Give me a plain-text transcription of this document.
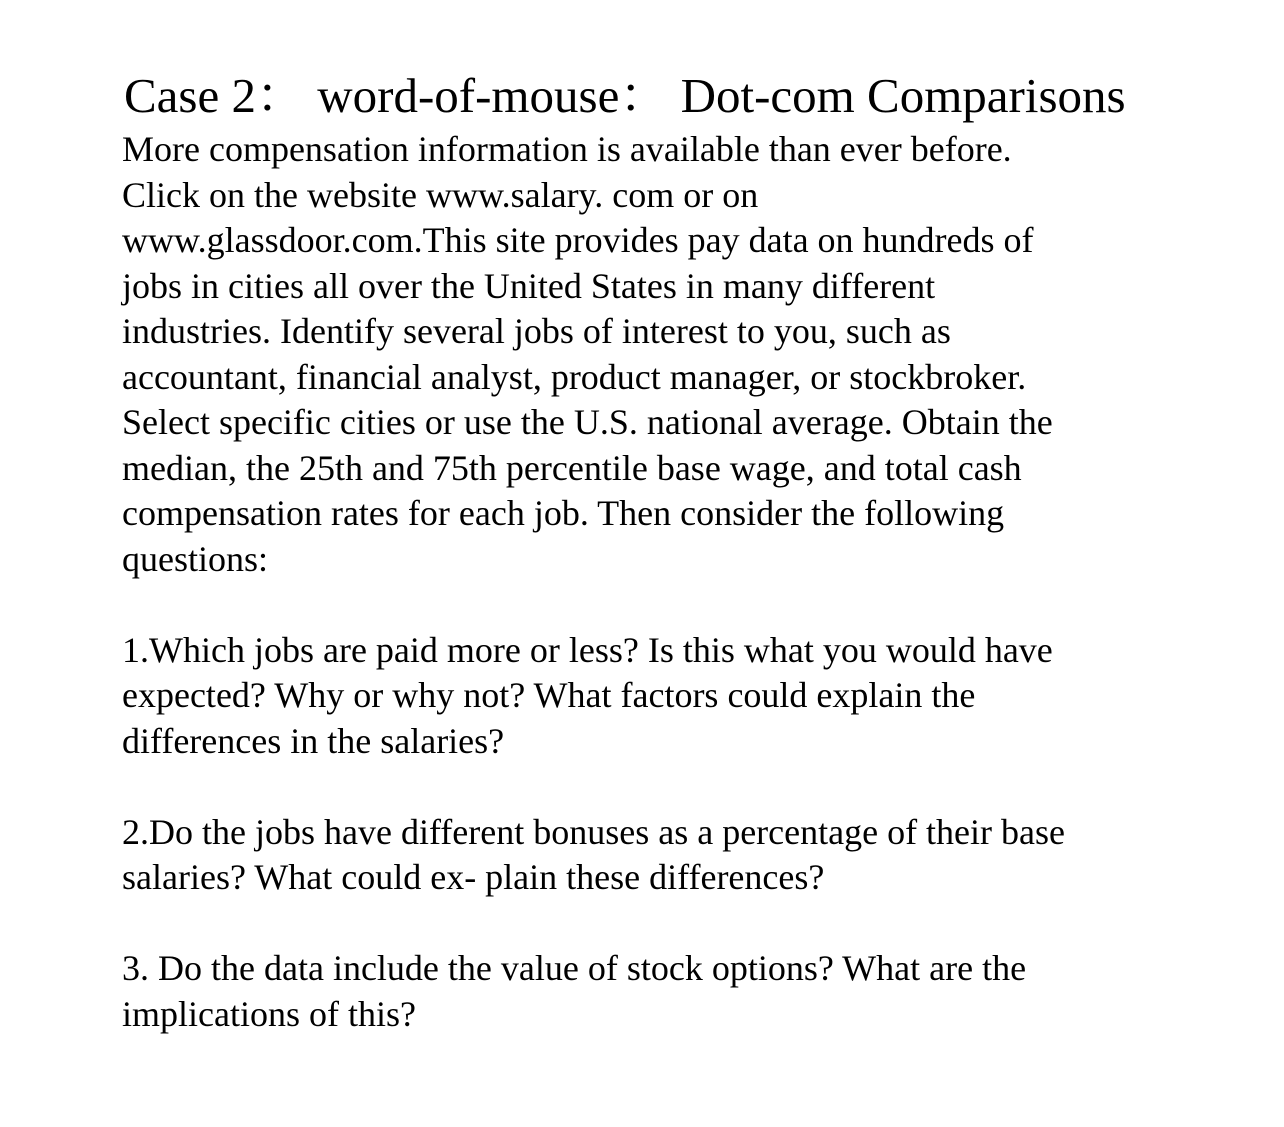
Case 2： word-of-mouse： Dot-com Comparisons
More compensation information is available than ever before.
Click on the website www.salary. com or on
www.glassdoor.com.This site provides pay data on hundreds of
jobs in cities all over the United States in many different
industries. Identify several jobs of interest to you, such as
accountant, financial analyst, product manager, or stockbroker.
Select specific cities or use the U.S. national average. Obtain the
median, the 25th and 75th percentile base wage, and total cash
compensation rates for each job. Then consider the following
questions:
1.Which jobs are paid more or less? Is this what you would have
expected? Why or why not? What factors could explain the
differences in the salaries?
2.Do the jobs have different bonuses as a percentage of their base
salaries? What could ex- plain these differences?
3. Do the data include the value of stock options? What are the
implications of this?
